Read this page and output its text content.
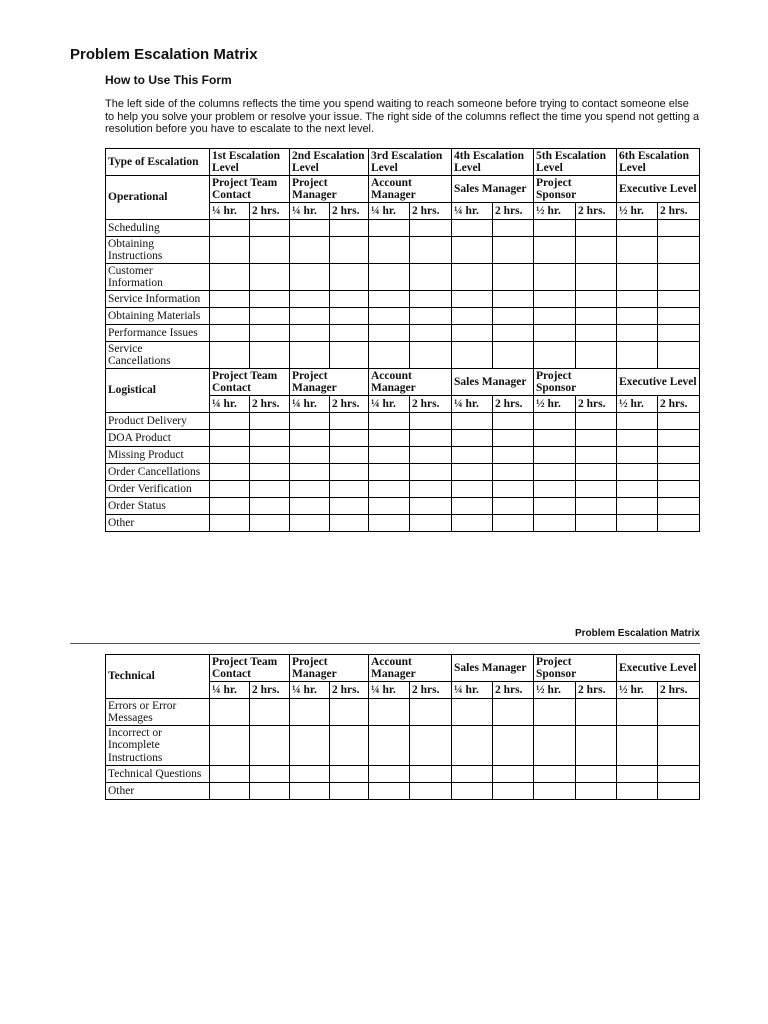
Problem Escalation Matrix
How to Use This Form

The left side of the columns reflects the time you spend waiting to reach someone before trying to contact someone else to help you solve your problem or resolve your issue. The right side of the columns reflect the time you spend not getting a resolution before you have to escalate to the next level.

Type of Escalation	1st Escalation Level		2nd Escalation Level		3rd Escalation Level		4th Escalation Level		5th Escalation Level		6th Escalation Level	
Operational	Project Team Contact		Project Manager		Account Manager		Sales Manager		Project Sponsor		Executive Level	
	¼ hr.	2 hrs.	¼ hr.	2 hrs.	¼ hr.	2 hrs.	¼ hr.	2 hrs.	½ hr.	2 hrs.	½ hr.	2 hrs.
Scheduling												
Obtaining Instructions												
Customer Information												
Service Information												
Obtaining Materials												
Performance Issues												
Service Cancellations												
Logistical	Project Team Contact		Project Manager		Account Manager		Sales Manager		Project Sponsor		Executive Level	
	¼ hr.	2 hrs.	¼ hr.	2 hrs.	¼ hr.	2 hrs.	¼ hr.	2 hrs.	½ hr.	2 hrs.	½ hr.	2 hrs.
Product Delivery												
DOA Product												
Missing Product												
Order Cancellations												
Order Verification												
Order Status												
Other												

Problem Escalation Matrix

Technical	Project Team Contact		Project Manager		Account Manager		Sales Manager		Project Sponsor		Executive Level	
	¼ hr.	2 hrs.	¼ hr.	2 hrs.	¼ hr.	2 hrs.	¼ hr.	2 hrs.	½ hr.	2 hrs.	½ hr.	2 hrs.
Errors or Error Messages												
Incorrect or Incomplete Instructions												
Technical Questions												
Other												
